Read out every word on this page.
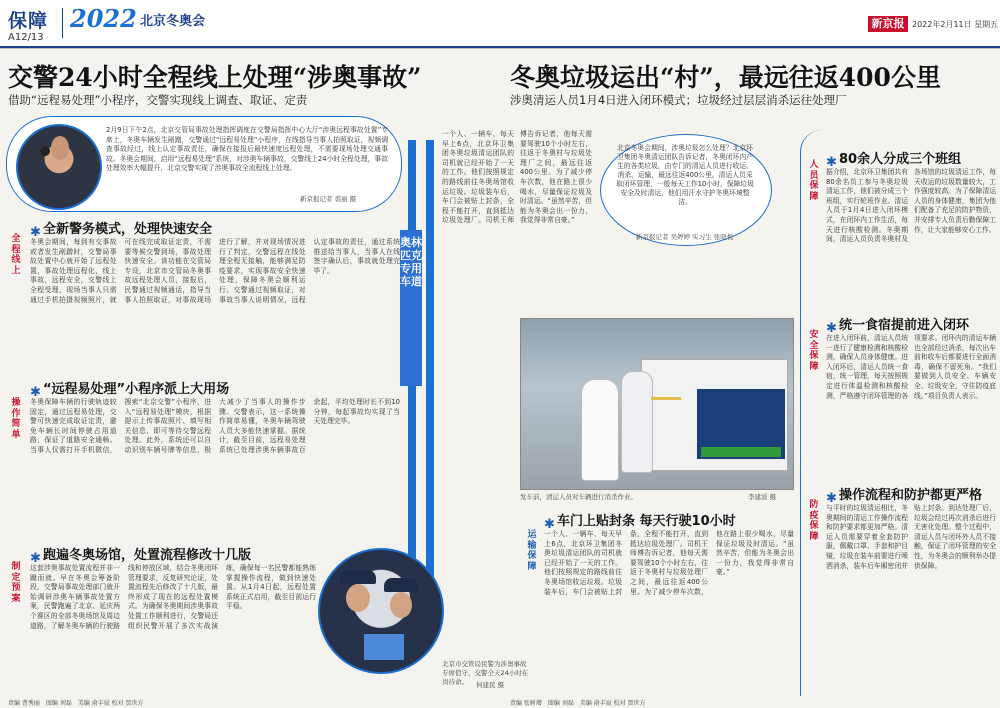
保障
A12/13
2022 北京冬奥会	新京报 2022年2月11日 星期五
交警24小时全程线上处理“涉奥事故”
借助“远程易处理”小程序，交警实现线上调查、取证、定责
冬奥垃圾运出“村”，最远往返400公里
涉奥清运人员1月4日进入闭环模式；垃圾经过层层消杀运往处理厂
2月9日下午2点，北京交管局事故处理指挥调度在交警局指挥中心大厅“涉奥远程事故处置”专席上，冬奥车辆发生剐蹭，交警通过“远程易处理”小程序，在线指导当事人拍照取证，视频调查事故经过，线上认定事故责任，确保在接报后最快速度远程处理，不需要现场处理交通事故。冬奥会期间，启用“远程易处理”系统，对涉奥车辆事故，交警线上24小时全程处理，事故处理效率大幅提升，北京交警实现了涉奥事故全流程线上处理。
新京报记者 裘丽 摄
奥林匹克专用车道
全程线上
✱ 全新警务模式，处理快速安全
冬奥会期间，每到有交事故或者发生剐蹭时，交警局事故处置中心就开始了远程处置，事故处理远程化，线上事故，远程安全，交警线上全程受理，现场当事人只需通过手机拍摄视频照片，就可在线完成取证定责，不需要等候交警到场，事故处理快速安全。该功能在交管局专设，北京市交管局冬奥事故远程处理人员，接报后，民警通过视频通话，指导当事人拍照取证，对事故现场进行了解，并对现场情况进行了判定，交警远程在线处理全程无接触，能够满足防疫要求，实现事故安全快速处理，保障冬奥会顺利运行。交警通过视频取证，对事故当事人说明情况，远程认定事故的责任，通过系统推送给当事人，当事人在线签字确认后，事故就处理完毕了。
操作简单
✱ “远程易处理”小程序派上大用场
冬奥保障车辆的行驶轨迹较固定，通过远程易处理，交警可快速完成取证定责，避免车辆长时间停驶占用道路，保证了道路安全通畅。当事人仅需打开手机微信，搜索“北京交警”小程序，进入“远程易处理”模块，根据提示上传事故照片、填写相关信息，即可等待交警远程处理。此外，系统还可以自动识别车辆号牌等信息，极大减少了当事人的操作步骤。交警表示，这一系统操作简单易懂，冬奥车辆驾驶人员大多能快速掌握。据统计，截至目前，远程易处理系统已处理涉奥车辆事故百余起，平均处理时长不到10分钟，每起事故均实现了当天处理完毕。
制定预案
✱ 跑遍冬奥场馆，处置流程修改十几版
这套涉奥事故处置流程并非一蹴而就。早在冬奥会筹备阶段，交警局事故处理部门就开始调研涉奥车辆事故处置方案，民警跑遍了北京、延庆两个赛区的全部冬奥场馆及周边道路，了解冬奥车辆的行驶路线和停放区域，结合冬奥闭环管理要求，反复研究论证，处置流程先后修改了十几版，最终形成了现在的远程处置模式。为确保冬奥期间涉奥事故处置工作顺利进行，交警局还组织民警开展了多次实战演练，确保每一名民警都能熟练掌握操作流程，做到快速处置。从1月4日起，远程处置系统正式启用，截至目前运行平稳。
北京市交管局民警为涉奥事故专席值守，交警全天24小时在岗待命。	何建民 摄
一个人、一辆车、每天早上6点，北京环卫集团冬奥垃圾清运团队的司机就已经开始了一天的工作。他们按照规定的路线前往冬奥场馆收运垃圾。垃圾装车后，车门会被贴上封条，全程不能打开，直到抵达垃圾处理厂。司机王师傅告诉记者，他每天需要驾驶10个小时左右，往返于冬奥村与垃圾处理厂之间，最远往返400公里。为了减少停车次数，他在路上很少喝水，尽量保证垃圾及时清运。“虽然辛苦，但能为冬奥会出一份力，我觉得非常自豪。”
北京冬奥会期间，涉奥垃圾怎么处理？北京环卫集团冬奥清运团队告诉记者，冬奥闭环内产生的各类垃圾，由专门的清运人员进行收运、消杀、运输，最远往返400公里。清运人员采取闭环管理，一般每天工作10小时，保障垃圾安全及时清运，他们用汗水守护冬奥环境整洁。
新京报记者 吴婷婷 实习生 张晓悦
发车前，清运人员对车辆进行消杀作业。	李建波 摄
运输保障
✱ 车门上贴封条 每天行驶10小时
一个人、一辆车、每天早上6点，北京环卫集团冬奥垃圾清运团队的司机就已经开始了一天的工作。他们按照规定的路线前往冬奥场馆收运垃圾。垃圾装车后，车门会被贴上封条，全程不能打开，直到抵达垃圾处理厂。司机王师傅告诉记者，他每天需要驾驶10个小时左右，往返于冬奥村与垃圾处理厂之间，最远往返400公里。为了减少停车次数，他在路上很少喝水，尽量保证垃圾及时清运。“虽然辛苦，但能为冬奥会出一份力，我觉得非常自豪。”
人员保障
✱ 80余人分成三个班组
据介绍，北京环卫集团共有80余名员工参与冬奥垃圾清运工作，他们被分成三个班组，实行轮班作业。清运人员于1月4日进入闭环模式，在闭环内工作生活，每天进行核酸检测。冬奥期间，清运人员负责冬奥村及各场馆的垃圾清运工作，每天收运的垃圾数量较大，工作强度较高。为了保障清运人员的身体健康，集团为他们配备了充足的防护物资，并安排专人负责后勤保障工作，让大家能够安心工作。
安全保障
✱ 统一食宿提前进入闭环
在进入闭环前，清运人员统一进行了健康检测和核酸检测，确保人员身体健康。进入闭环后，清运人员统一食宿，统一管理，每天按照规定进行体温检测和核酸检测，严格遵守闭环管理的各项要求。闭环内的清运车辆也全部经过消杀，每次出车前和收车后都要进行全面消毒，确保不留死角。“我们要做到人员安全、车辆安全、垃圾安全，守住防疫底线。”项目负责人表示。
防疫保障
✱ 操作流程和防护都更严格
与平时的垃圾清运相比，冬奥期间的清运工作操作流程和防护要求都更加严格。清运人员需要穿着全套防护服，佩戴口罩、手套和护目镜，垃圾在装车前要进行喷洒消杀，装车后车厢密闭并贴上封条。到达处理厂后，垃圾会经过再次消杀后进行无害化处理。整个过程中，清运人员与闭环外人员不接触，保证了闭环管理的安全性，为冬奥会的顺利举办提供保障。
责编 曹秀丽　图编 刘磊　美编 俞丰宸 校对 贾世方	责编 张树增　图编 刘磊　美编 俞丰宸 校对 贾世方
